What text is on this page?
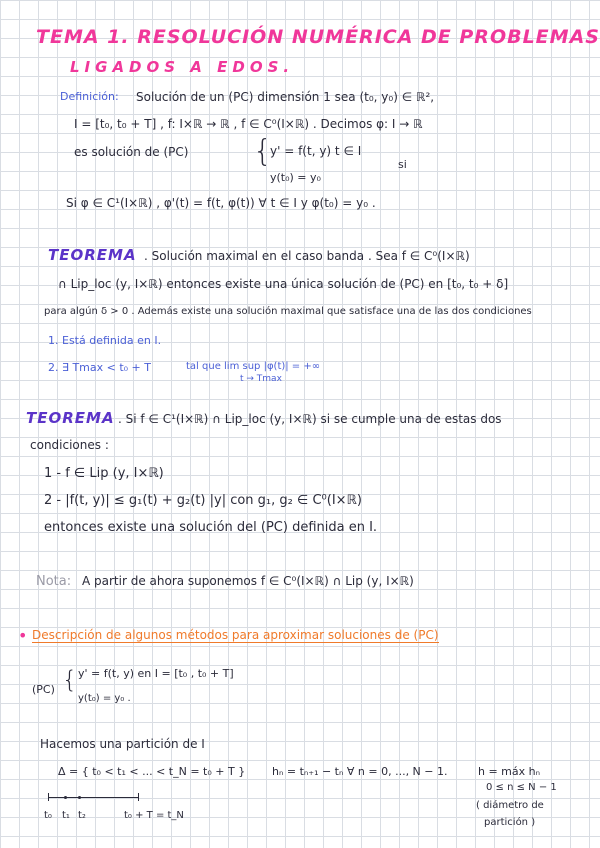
TEMA 1. RESOLUCIÓN NUMÉRICA DE PROBLEMAS
LIGADOS A EDOS.
Definición: Solución de un (PC) dimensión 1 sea (t₀, y₀) ∈ ℝ²,
I = [t₀, t₀ + T] , f: I×ℝ → ℝ , f ∈ C⁰(I×ℝ) . Decimos φ: I → ℝ
es solución de (PC) {
y' = f(t, y) t ∈ I
y(t₀) = y₀
si
Si φ ∈ C¹(I×ℝ) , φ'(t) = f(t, φ(t)) ∀ t ∈ I y φ(t₀) = y₀ .
TEOREMA . Solución maximal en el caso banda . Sea f ∈ C⁰(I×ℝ)
∩ Lip_loc (y, I×ℝ) entonces existe una única solución de (PC) en [t₀, t₀ + δ]
para algún δ > 0 . Además existe una solución maximal que satisface una de las dos condiciones
1. Está definida en I.
2. ∃ Tmax < t₀ + T	tal que lim sup |φ(t)| = +∞
t → Tmax
TEOREMA . Si f ∈ C¹(I×ℝ) ∩ Lip_loc (y, I×ℝ) si se cumple una de estas dos
condiciones :
1 - f ∈ Lip (y, I×ℝ)
2 - |f(t, y)| ≤ g₁(t) + g₂(t) |y| con g₁, g₂ ∈ C⁰(I×ℝ)
entonces existe una solución del (PC) definida en I.
Nota: A partir de ahora suponemos f ∈ C⁰(I×ℝ) ∩ Lip (y, I×ℝ)
• Descripción de algunos métodos para aproximar soluciones de (PC)
(PC) { y' = f(t, y) en I = [t₀ , t₀ + T]
y(t₀) = y₀ .
Hacemos una partición de I
Δ = { t₀ < t₁ < ... < t_N = t₀ + T } hₙ = tₙ₊₁ − tₙ ∀ n = 0, ..., N − 1.	h = máx hₙ
0 ≤ n ≤ N − 1
( diámetro de
partición )
t₀ t₁ t₂	t₀ + T = t_N
